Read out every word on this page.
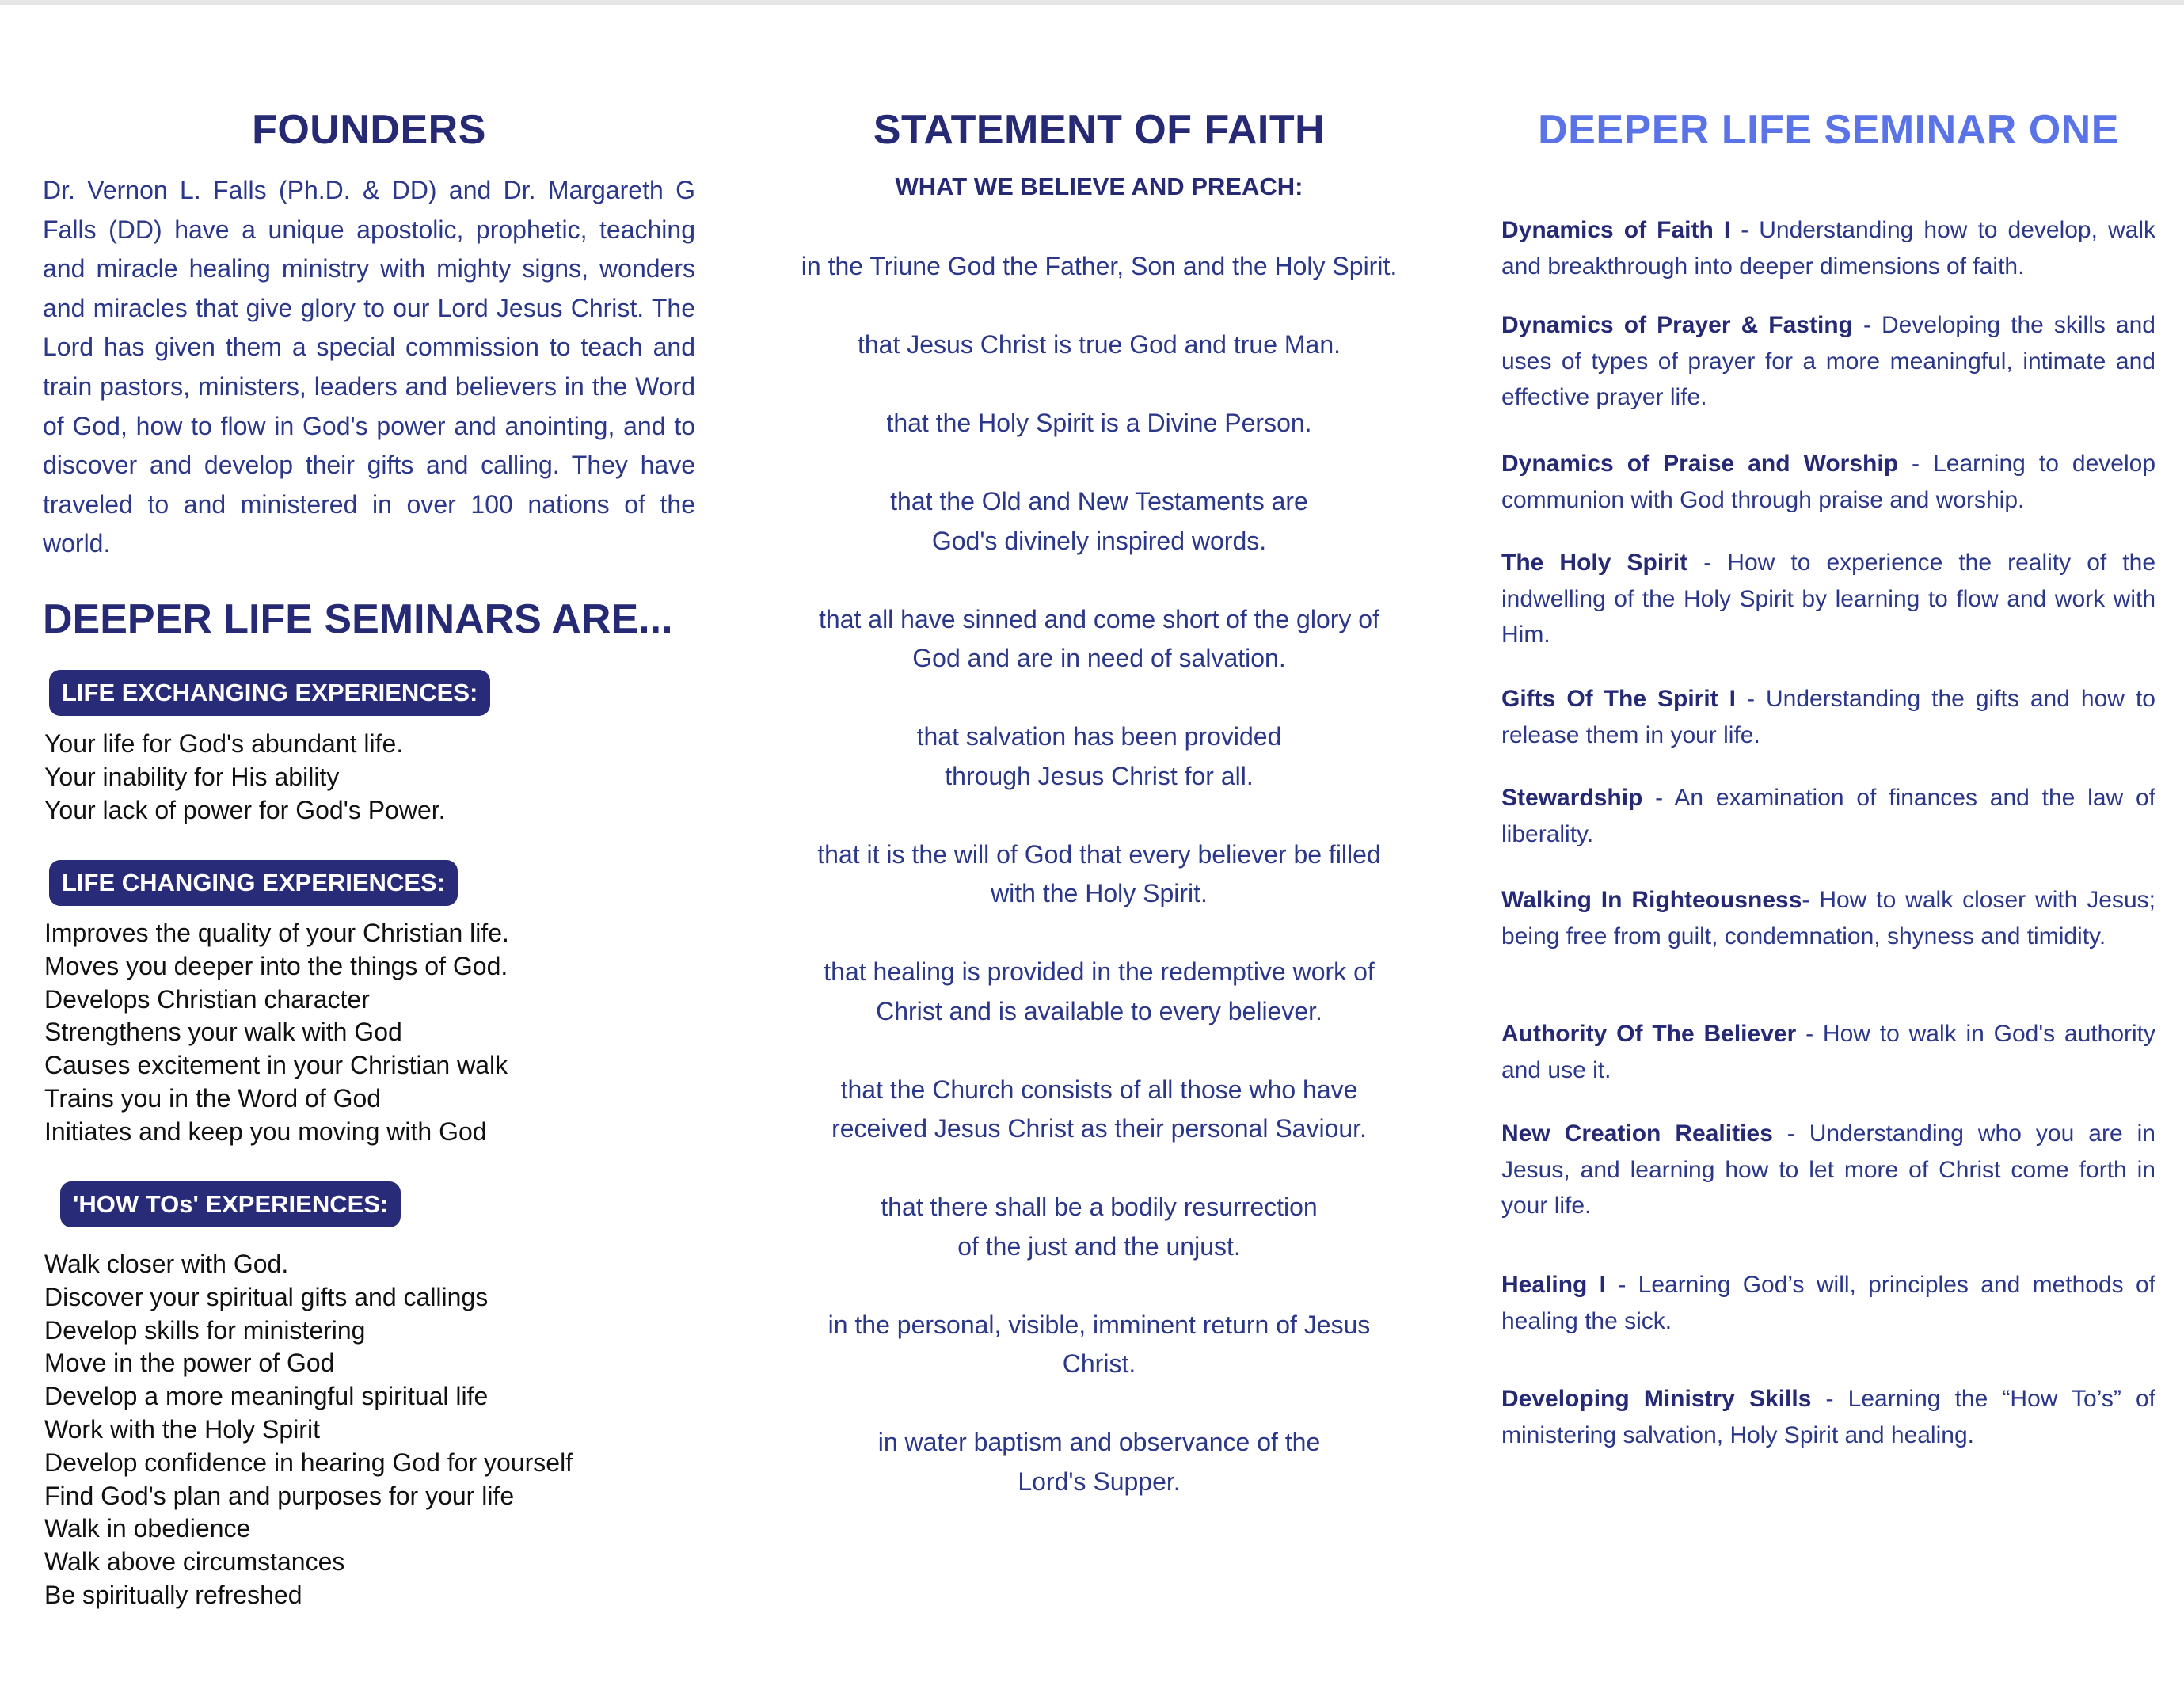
FOUNDERS

Dr. Vernon L. Falls (Ph.D. & DD) and Dr. Margareth G Falls (DD) have a unique apostolic, prophetic, teaching and miracle healing ministry with mighty signs, wonders and miracles that give glory to our Lord Jesus Christ. The Lord has given them a special commission to teach and train pastors, ministers, leaders and believers in the Word of God, how to flow in God's power and anointing, and to discover and develop their gifts and calling. They have traveled to and ministered in over 100 nations of the world.

DEEPER LIFE SEMINARS ARE...
LIFE EXCHANGING EXPERIENCES:
Your life for God's abundant life.
Your inability for His ability
Your lack of power for God's Power.
LIFE CHANGING EXPERIENCES:
Improves the quality of your Christian life.
Moves you deeper into the things of God.
Develops Christian character
Strengthens your walk with God
Causes excitement in your Christian walk
Trains you in the Word of God
Initiates and keep you moving with God
'HOW TOs' EXPERIENCES:
Walk closer with God.
Discover your spiritual gifts and callings
Develop skills for ministering
Move in the power of God
Develop a more meaningful spiritual life
Work with the Holy Spirit
Develop confidence in hearing God for yourself
Find God's plan and purposes for your life
Walk in obedience
Walk above circumstances
Be spiritually refreshed
STATEMENT OF FAITH
WHAT WE BELIEVE AND PREACH:
in the Triune God the Father, Son and the Holy Spirit.
that Jesus Christ is true God and true Man.
that the Holy Spirit is a Divine Person.
that the Old and New Testaments are
God's divinely inspired words.
that all have sinned and come short of the glory of
God and are in need of salvation.
that salvation has been provided
through Jesus Christ for all.
that it is the will of God that every believer be filled
with the Holy Spirit.
that healing is provided in the redemptive work of
Christ and is available to every believer.
that the Church consists of all those who have
received Jesus Christ as their personal Saviour.
that there shall be a bodily resurrection
of the just and the unjust.
in the personal, visible, imminent return of Jesus
Christ.
in water baptism and observance of the
Lord's Supper.
DEEPER LIFE SEMINAR ONE

Dynamics of Faith I - Understanding how to develop, walk and breakthrough into deeper dimensions of faith.

Dynamics of Prayer & Fasting - Developing the skills and uses of types of prayer for a more meaningful, intimate and effective prayer life.

Dynamics of Praise and Worship - Learning to develop communion with God through praise and worship.

The Holy Spirit - How to experience the reality of the indwelling of the Holy Spirit by learning to flow and work with Him.

Gifts Of The Spirit I - Understanding the gifts and how to release them in your life.

Stewardship - An examination of finances and the law of liberality.

Walking In Righteousness- How to walk closer with Jesus; being free from guilt, condemnation, shyness and timidity.

Authority Of The Believer - How to walk in God's authority and use it.

New Creation Realities - Understanding who you are in Jesus, and learning how to let more of Christ come forth in your life.

Healing I - Learning God’s will, principles and methods of healing the sick.

Developing Ministry Skills - Learning the “How To’s” of ministering salvation, Holy Spirit and healing.
